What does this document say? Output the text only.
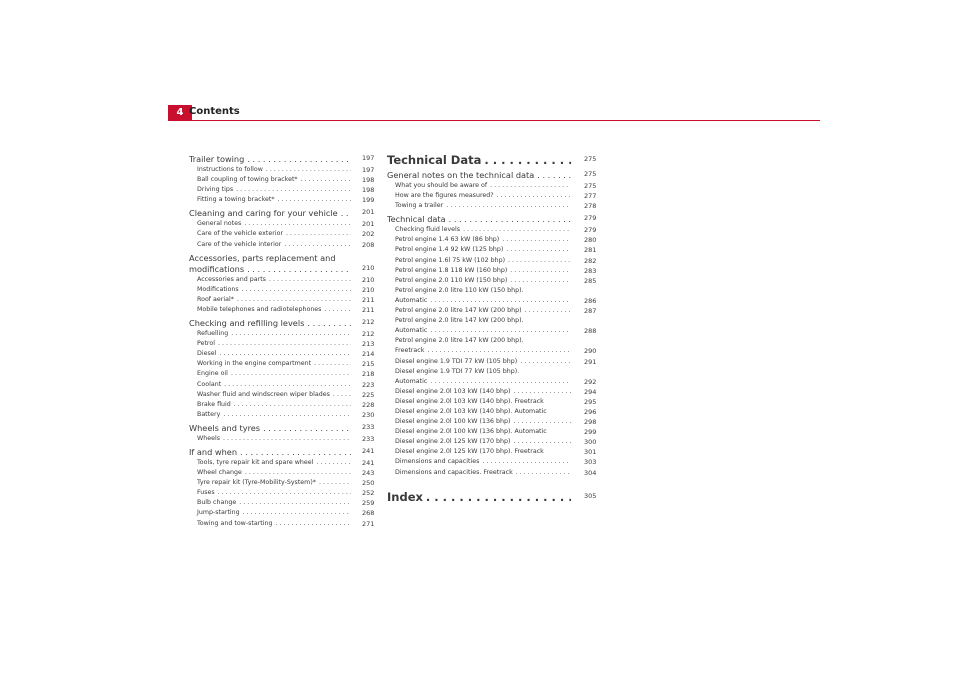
4 Contents
Trailer towing . . .	197
Instructions to follow . . .	197
Ball coupling of towing bracket* . . .	198
Driving tips . . .	198
Fitting a towing bracket* . . .	199
Cleaning and caring for your vehicle . . .	201
General notes . . .	201
Care of the vehicle exterior . . .	202
Care of the vehicle interior . . .	208
Accessories, parts replacement and
modifications . . .	210
Accessories and parts . . .	210
Modifications . . .	210
Roof aerial* . . .	211
Mobile telephones and radiotelephones . . .	211
Checking and refilling levels . . .	212
Refuelling . . .	212
Petrol . . .	213
Diesel . . .	214
Working in the engine compartment . . .	215
Engine oil . . .	218
Coolant . . .	223
Washer fluid and windscreen wiper blades . . .	225
Brake fluid . . .	228
Battery . . .	230
Wheels and tyres . . .	233
Wheels . . .	233
If and when . . .	241
Tools, tyre repair kit and spare wheel . . .	241
Wheel change . . .	243
Tyre repair kit (Tyre-Mobility-System)* . . .	250
Fuses . . .	252
Bulb change . . .	259
Jump-starting . . .	268
Towing and tow-starting . . .	271
Technical Data . . .	275
General notes on the technical data . . .	275
What you should be aware of . . .	275
How are the figures measured? . . .	277
Towing a trailer . . .	278
Technical data . . .	279
Checking fluid levels . . .	279
Petrol engine 1.4 63 kW (86 bhp) . . .	280
Petrol engine 1.4 92 kW (125 bhp) . . .	281
Petrol engine 1.6l 75 kW (102 bhp) . . .	282
Petrol engine 1.8 118 kW (160 bhp) . . .	283
Petrol engine 2.0 110 kW (150 bhp) . . .	285
Petrol engine 2.0 litre 110 kW (150 bhp).
Automatic . . .	286
Petrol engine 2.0 litre 147 kW (200 bhp) . . .	287
Petrol engine 2.0 litre 147 kW (200 bhp).
Automatic . . .	288
Petrol engine 2.0 litre 147 kW (200 bhp).
Freetrack . . .	290
Diesel engine 1.9 TDI 77 kW (105 bhp) . . .	291
Diesel engine 1.9 TDI 77 kW (105 bhp).
Automatic . . .	292
Diesel engine 2.0l 103 kW (140 bhp) . . .	294
Diesel engine 2.0l 103 kW (140 bhp). Freetrack	295
Diesel engine 2.0l 103 kW (140 bhp). Automatic	296
Diesel engine 2.0l 100 kW (136 bhp) . . .	298
Diesel engine 2.0l 100 kW (136 bhp). Automatic	299
Diesel engine 2.0l 125 kW (170 bhp) . . .	300
Diesel engine 2.0l 125 kW (170 bhp). Freetrack	301
Dimensions and capacities . . .	303
Dimensions and capacities. Freetrack . . .	304
Index . . .	305
